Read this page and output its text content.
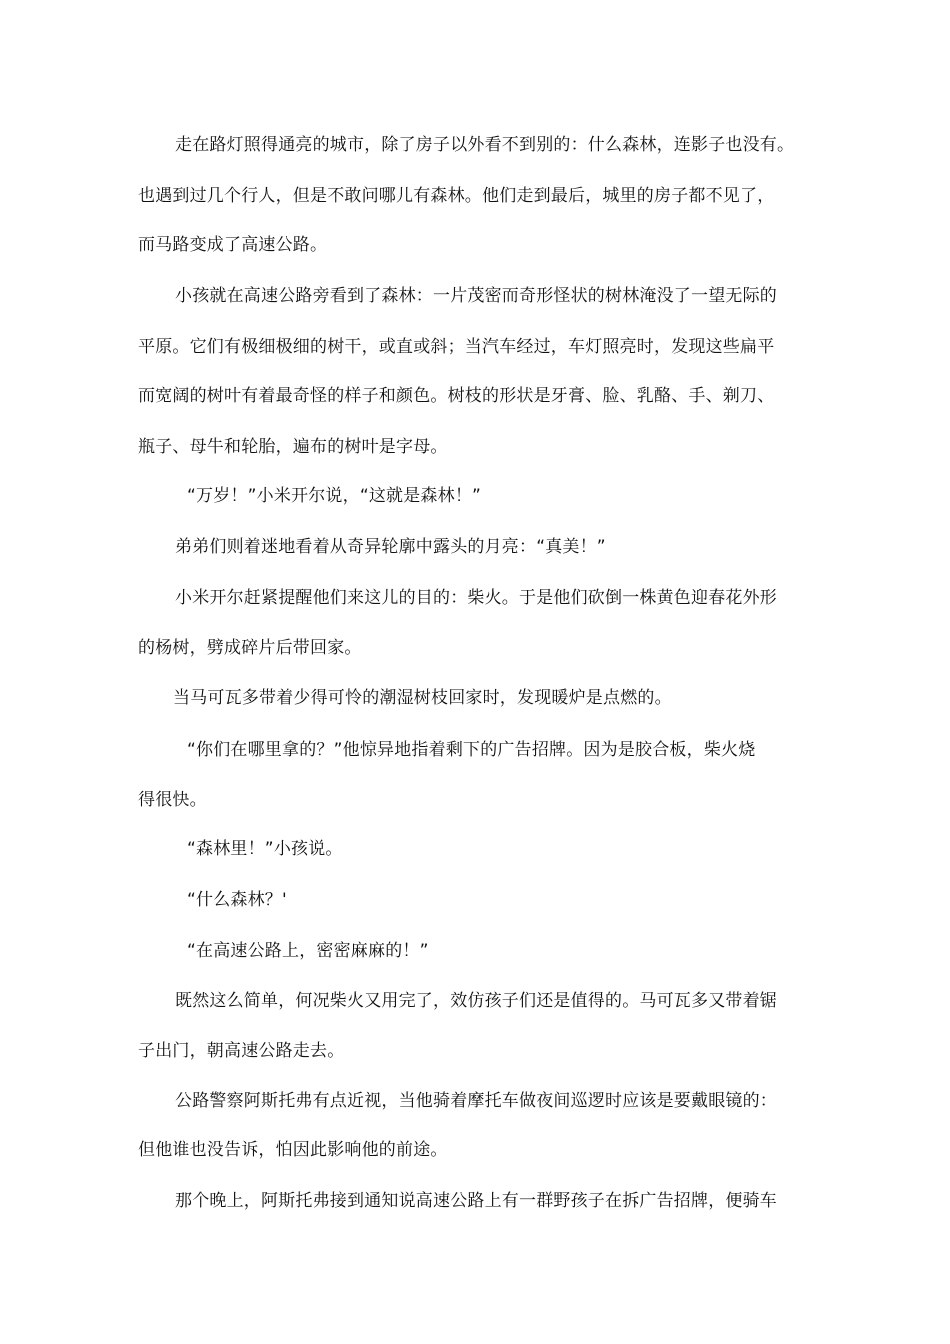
走在路灯照得通亮的城市，除了房子以外看不到别的：什么森林，连影子也没有。
也遇到过几个行人，但是不敢问哪儿有森林。他们走到最后，城里的房子都不见了，
而马路变成了高速公路。
小孩就在高速公路旁看到了森林：一片茂密而奇形怪状的树林淹没了一望无际的
平原。它们有极细极细的树干，或直或斜；当汽车经过，车灯照亮时，发现这些扁平
而宽阔的树叶有着最奇怪的样子和颜色。树枝的形状是牙膏、脸、乳酪、手、剃刀、
瓶子、母牛和轮胎，遍布的树叶是字母。
“万岁！”小米开尔说，“这就是森林！”
弟弟们则着迷地看着从奇异轮廓中露头的月亮：“真美！”
小米开尔赶紧提醒他们来这儿的目的：柴火。于是他们砍倒一株黄色迎春花外形
的杨树，劈成碎片后带回家。
当马可瓦多带着少得可怜的潮湿树枝回家时，发现暖炉是点燃的。
“你们在哪里拿的？”他惊异地指着剩下的广告招牌。因为是胶合板，柴火烧
得很快。
“森林里！”小孩说。
“什么森林？'
“在高速公路上，密密麻麻的！”
既然这么简单，何况柴火又用完了，效仿孩子们还是值得的。马可瓦多又带着锯
子出门，朝高速公路走去。
公路警察阿斯托弗有点近视，当他骑着摩托车做夜间巡逻时应该是要戴眼镜的：
但他谁也没告诉，怕因此影响他的前途。
那个晚上，阿斯托弗接到通知说高速公路上有一群野孩子在拆广告招牌，便骑车
